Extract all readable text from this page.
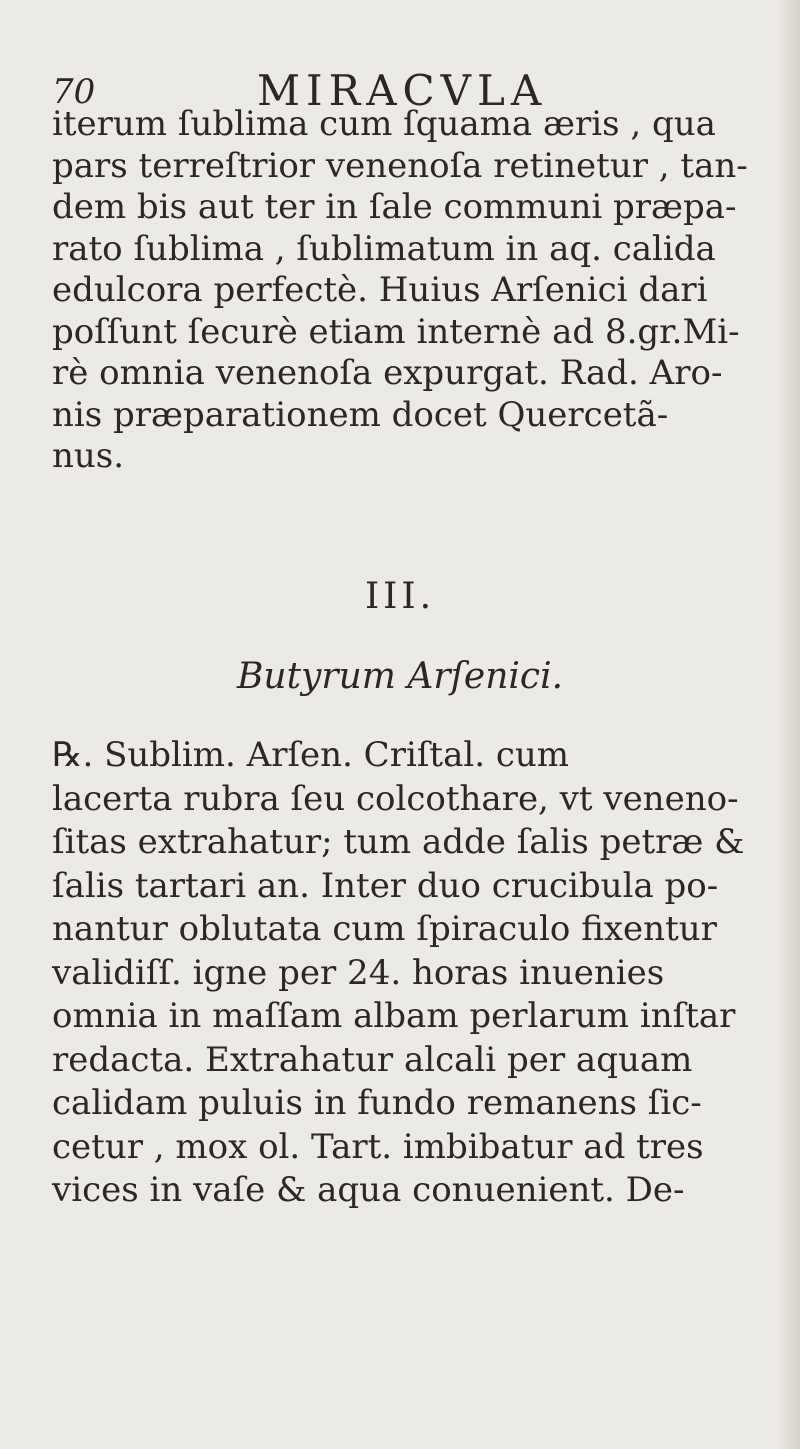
70	MIRACVLA
iterum ſublima cum ſquama æris , qua
pars terreſtrior venenoſa retinetur , tan-
dem bis aut ter in ſale communi præpa-
rato ſublima , ſublimatum in aq. calida
edulcora perfectè. Huius Arſenici dari
poſſunt ſecurè etiam internè ad 8.gr.Mi-
rè omnia venenoſa expurgat. Rad. Aro-
nis præparationem docet Quercetã-
nus.
III.
Butyrum Arſenici.
℞. Sublim. Arſen. Criſtal. cum
lacerta rubra ſeu colcothare, vt veneno-
ſitas extrahatur; tum adde ſalis petræ &
ſalis tartari an. Inter duo crucibula po-
nantur oblutata cum ſpiraculo fixentur
validiſſ. igne per 24. horas inuenies
omnia in maſſam albam perlarum inſtar
redacta. Extrahatur alcali per aquam
calidam puluis in fundo remanens ſic-
cetur , mox ol. Tart. imbibatur ad tres
vices in vaſe & aqua conuenient. De-
